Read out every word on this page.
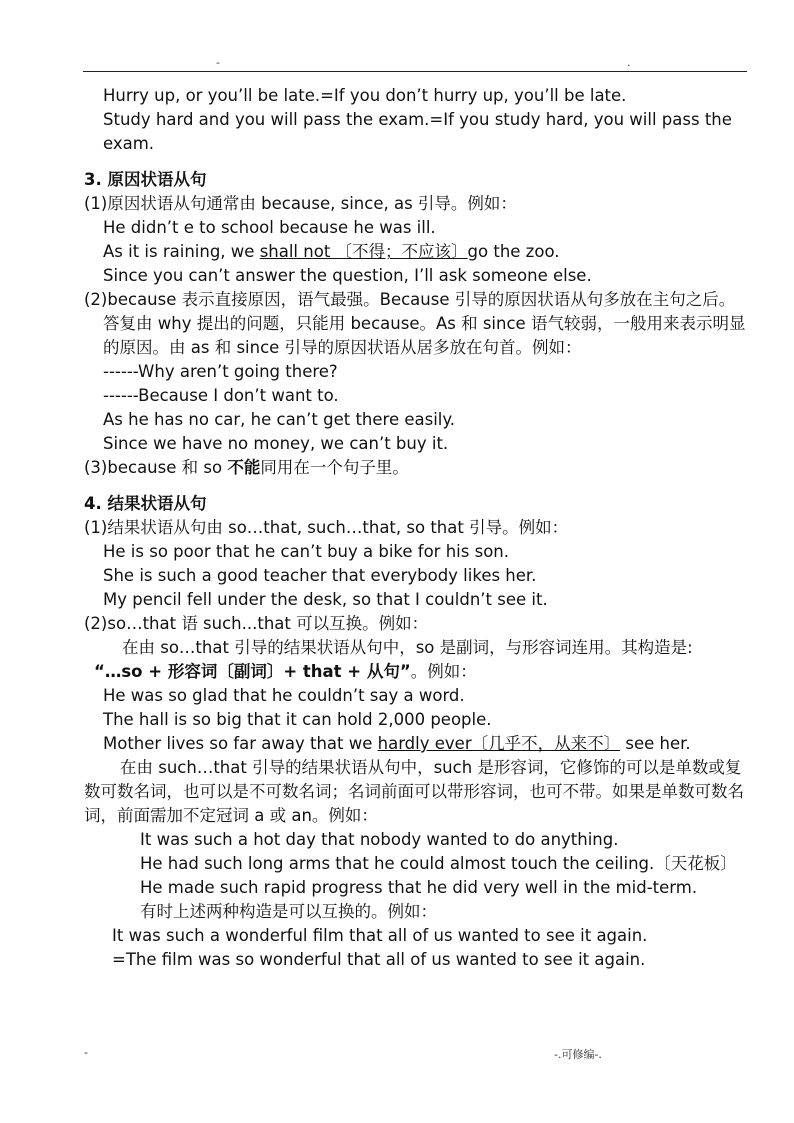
-	.

Hurry up, or you’ll be late.=If you don’t hurry up, you’ll be late.

Study hard and you will pass the exam.=If you study hard, you will pass the exam.

3. 原因状语从句

(1)原因状语从句通常由 because, since, as 引导。例如：

He didn’t e to school because he was ill.

As it is raining, we shall not 〔不得；不应该〕go the zoo.

Since you can’t answer the question, I’ll ask someone else.

(2)because 表示直接原因，语气最强。Because 引导的原因状语从句多放在主句之后。答复由 why 提出的问题，只能用 because。As 和 since 语气较弱，一般用来表示明显的原因。由 as 和 since 引导的原因状语从居多放在句首。例如：

------Why aren’t going there?

------Because I don’t want to.

As he has no car, he can’t get there easily.

Since we have no money, we can’t buy it.

(3)because 和 so 不能同用在一个句子里。

4. 结果状语从句

(1)结果状语从句由 so…that, such…that, so that 引导。例如：

He is so poor that he can’t buy a bike for his son.

She is such a good teacher that everybody likes her.

My pencil fell under the desk, so that I couldn’t see it.

(2)so…that 语 such...that 可以互换。例如：

在由 so…that 引导的结果状语从句中，so 是副词，与形容词连用。其构造是:

“…so + 形容词〔副词〕+ that + 从句”。例如：

He was so glad that he couldn’t say a word.

The hall is so big that it can hold 2,000 people.

Mother lives so far away that we hardly ever〔几乎不，从来不〕 see her.

在由 such…that 引导的结果状语从句中，such 是形容词，它修饰的可以是单数或复数可数名词，也可以是不可数名词；名词前面可以带形容词，也可不带。如果是单数可数名词，前面需加不定冠词 a 或 an。例如：

It was such a hot day that nobody wanted to do anything.

He had such long arms that he could almost touch the ceiling.〔天花板〕

He made such rapid progress that he did very well in the mid-term.

有时上述两种构造是可以互换的。例如：

It was such a wonderful film that all of us wanted to see it again.

=The film was so wonderful that all of us wanted to see it again.

-	-.可修编-.
